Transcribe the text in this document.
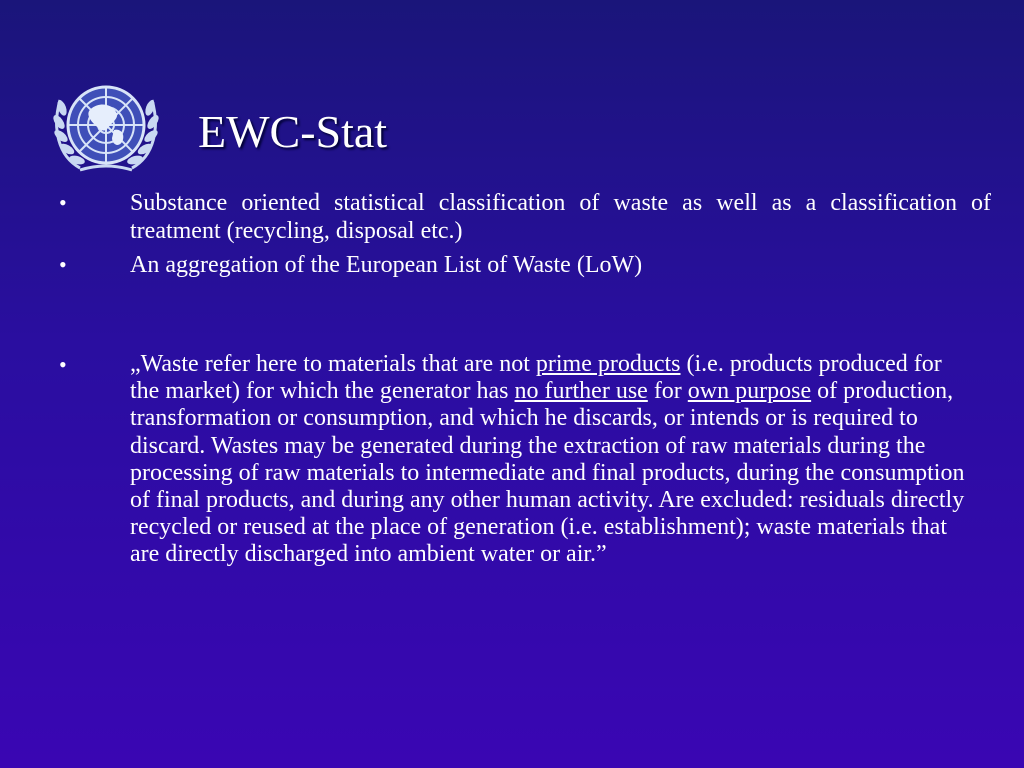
EWC-Stat
•	Substance oriented statistical classification of waste as well as a classification of treatment (recycling, disposal etc.)
•	An aggregation of the European List of Waste (LoW)
•	„Waste refer here to materials that are not prime products (i.e. products produced for the market) for which the generator has no further use for own purpose of production, transformation or consumption, and which he discards, or intends or is required to discard. Wastes may be generated during the extraction of raw materials during the processing of raw materials to intermediate and final products, during the consumption of final products, and during any other human activity. Are excluded: residuals directly recycled or reused at the place of generation (i.e. establishment); waste materials that are directly discharged into ambient water or air.”
